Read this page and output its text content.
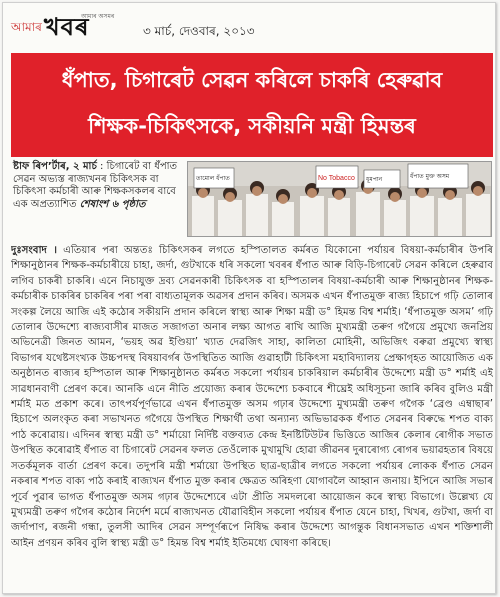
আমাৰ খবৰ
আমাৰ অসমৰ
৩ মাৰ্চ, দেওবাৰ, ২০১৩
ধঁপাত, চিগাৰেট সেৱন কৰিলে চাকৰি হেৰুৱাব
শিক্ষক-চিকিৎসকে, সকীয়নি মন্ত্ৰী হিমন্তৰ
ষ্টাফ ৰিপ’ৰ্টাৰ, ২ মাৰ্চ : চিগাৰেট বা ধঁপাত সেৱন অভ্যস্ত ৰাজ্যখনৰ চিকিৎসক বা চিকিৎসা কৰ্মচাৰী আৰু শিক্ষকসকলৰ বাবে এক অপ্ৰত্যাশিত শেষাংশ ৬ পৃষ্ঠাত
No Tobacco
তামোল ধঁপাত	ধূমপান	ধঁপাত মুক্ত অসম

দুঃসংবাদ । এতিয়াৰ পৰা অন্ততঃ চিকিৎসকৰ লগতে হস্পিতালত কৰ্মৰত যিকোনো পৰ্যায়ৰ বিষয়া-কৰ্মচাৰীৰ উপৰি শিক্ষানুষ্ঠানৰ শিক্ষক-কৰ্মচাৰীয়ে চাহা, জৰ্দা, গুটখাকে ধৰি সকলো খবৰৰ ধঁপাত আৰু বিড়ি-চিগাৰেট সেৱন কৰিলে হেৰুৱাব লগিব চাকৰী চাকৰি। এনে নিচাযুক্ত দ্ৰব্য সেৱনকাৰী চিকিৎসক বা হস্পিতালৰ বিষয়া-কৰ্মচাৰী আৰু শিক্ষানুষ্ঠানৰ শিক্ষক-কৰ্মচাৰীক চাকৰিৰ চাকৰিৰ পৰা পৰা বাধ্যতামূলক অৱসৰ প্ৰদান কৰিব। অসমক এখন ধঁপাতমুক্ত ৰাজ্য হিচাপে গঢ়ি তোলাৰ সংকল্প লৈয়ে আজি এই কঠোৰ সকীয়নি প্ৰদান কৰিলে স্বাস্থ্য আৰু শিক্ষা মন্ত্ৰী ড° হিমন্ত বিশ্ব শৰ্মাই। ‘ধঁপাতমুক্ত অসম’ গঢ়ি তোলাৰ উদ্দেশ্যে ৰাজ্যবাসীৰ মাজত সজাগতা অনাৰ লক্ষ্য আগত ৰাখি আজি মুখ্যমন্ত্ৰী তৰুণ গগৈয়ে প্ৰমুখ্যে জনপ্ৰিয় অভিনেত্ৰী জিনত আমন, ‘ভয়হ অৱ ইণ্ডিয়া’ খ্যাত দেৱজিৎ সাহা, কালিতা মোহিনী, অভিজিৎ বৰুৱা প্ৰমুখ্যে স্বাস্থ্য বিভাগৰ যথেষ্টসংখ্যক উচ্চপদস্থ বিষয়াবৰ্গৰ উপস্থিতিত আজি গুৱাহাটী চিকিৎসা মহাবিদ্যালয় প্ৰেক্ষাগৃহত আয়োজিত এক অনুষ্ঠানত ৰাজ্যৰ হস্পিতাল আৰু শিক্ষানুষ্ঠানত কৰ্মৰত সকলো পৰ্যায়ৰ চাকৰিয়াল কৰ্মচাৰীৰ উদ্দেশ্যে মন্ত্ৰী ড° শৰ্মাই এই সাৱধানবাণী প্ৰেৰণ কৰে। আনকি এনে নীতি প্ৰয়োজ্য কৰাৰ উদ্দেশ্যে চকবাৰে শীঘ্ৰেই অধিসূচনা জাৰি কৰিব বুলিও মন্ত্ৰী শৰ্মাই মত প্ৰকাশ কৰে। তাৎপৰ্যপূৰ্ণভাৱে এখন ধঁপাতমুক্ত অসম গঢ়াৰ উদ্দেশ্যে মুখ্যমন্ত্ৰী তৰুণ গগৈক ‘ব্ৰেণ্ড এম্বাছাৰ’ হিচাপে অলংকৃত কৰা সভাখনত গগৈয়ে উপস্থিত শিক্ষাৰ্থী তথা অন্যান্য অভিভাৱকক ধঁপাত সেৱনৰ বিৰুদ্ধে শপত বাক্য পাঠ কৰোৱায়। এদিনৰ স্বাস্থ্য মন্ত্ৰী ড° শৰ্মায়ো নিৰ্দিষ্ট বক্তব্যত কেন্দ্ৰ ইনষ্টিটিউটৰ ভিত্তিতে আজিৰ কেলাৰ ৰোগীক সভাত উপস্থিত কৰোৱাই ধঁপাত বা চিগাৰেট সেৱনৰ ফলত তেওঁলোক মুখামুখি হোৱা জীৱনৰ দুৰাৰোগ্য ৰোগৰ ভয়াৱহতাৰ বিষয়ে সতৰ্কমূলক বাৰ্তা প্ৰেৰণ কৰে। তদুপৰি মন্ত্ৰী শৰ্মায়ো উপস্থিত ছাত্ৰ-ছাত্ৰীৰ লগতে সকলো পৰ্যায়ৰ লোকক ধঁপাত সেৱন নকৰাৰ শপত বাক্য পাঠ কৰাই ৰাজ্যখন ধঁপাত মুক্ত কৰাৰ ক্ষেত্ৰত অৰিহণা যোগাবলৈ আহ্বান জনায়। ইপিনে আজি সভাৰ পূৰ্বে পুৱাৰ ভাগত ধঁপাতমুক্ত অসম গঢ়াৰ উদ্দেশ্যেৰে এটা প্ৰীতি সমদলৰো আয়োজন কৰে স্বাস্থ্য বিভাগে। উল্লেখ্য যে মুখ্যমন্ত্ৰী তৰুণ গগৈৰ কঠোৰ নিৰ্দেশ মৰ্মে ৰাজ্যখনত যৌৱাবিহীন সকলো পৰ্যায়ৰ ধঁপাত যেনে চাহা, খিখৰ, গুটখা, জৰ্দা বা জৰ্দাপাণ, ৰজনী গন্ধা, তুলসী আদিৰ সেৱন সম্পূৰ্ণৰূপে নিষিদ্ধ কৰাৰ উদ্দেশ্যে আগন্তুক বিধানসভাত এখন শক্তিশালী আইন প্ৰণয়ন কৰিব বুলি স্বাস্থ্য মন্ত্ৰী ড° হিমন্ত বিশ্ব শৰ্মাই ইতিমধ্যে ঘোষণা কৰিছে।
